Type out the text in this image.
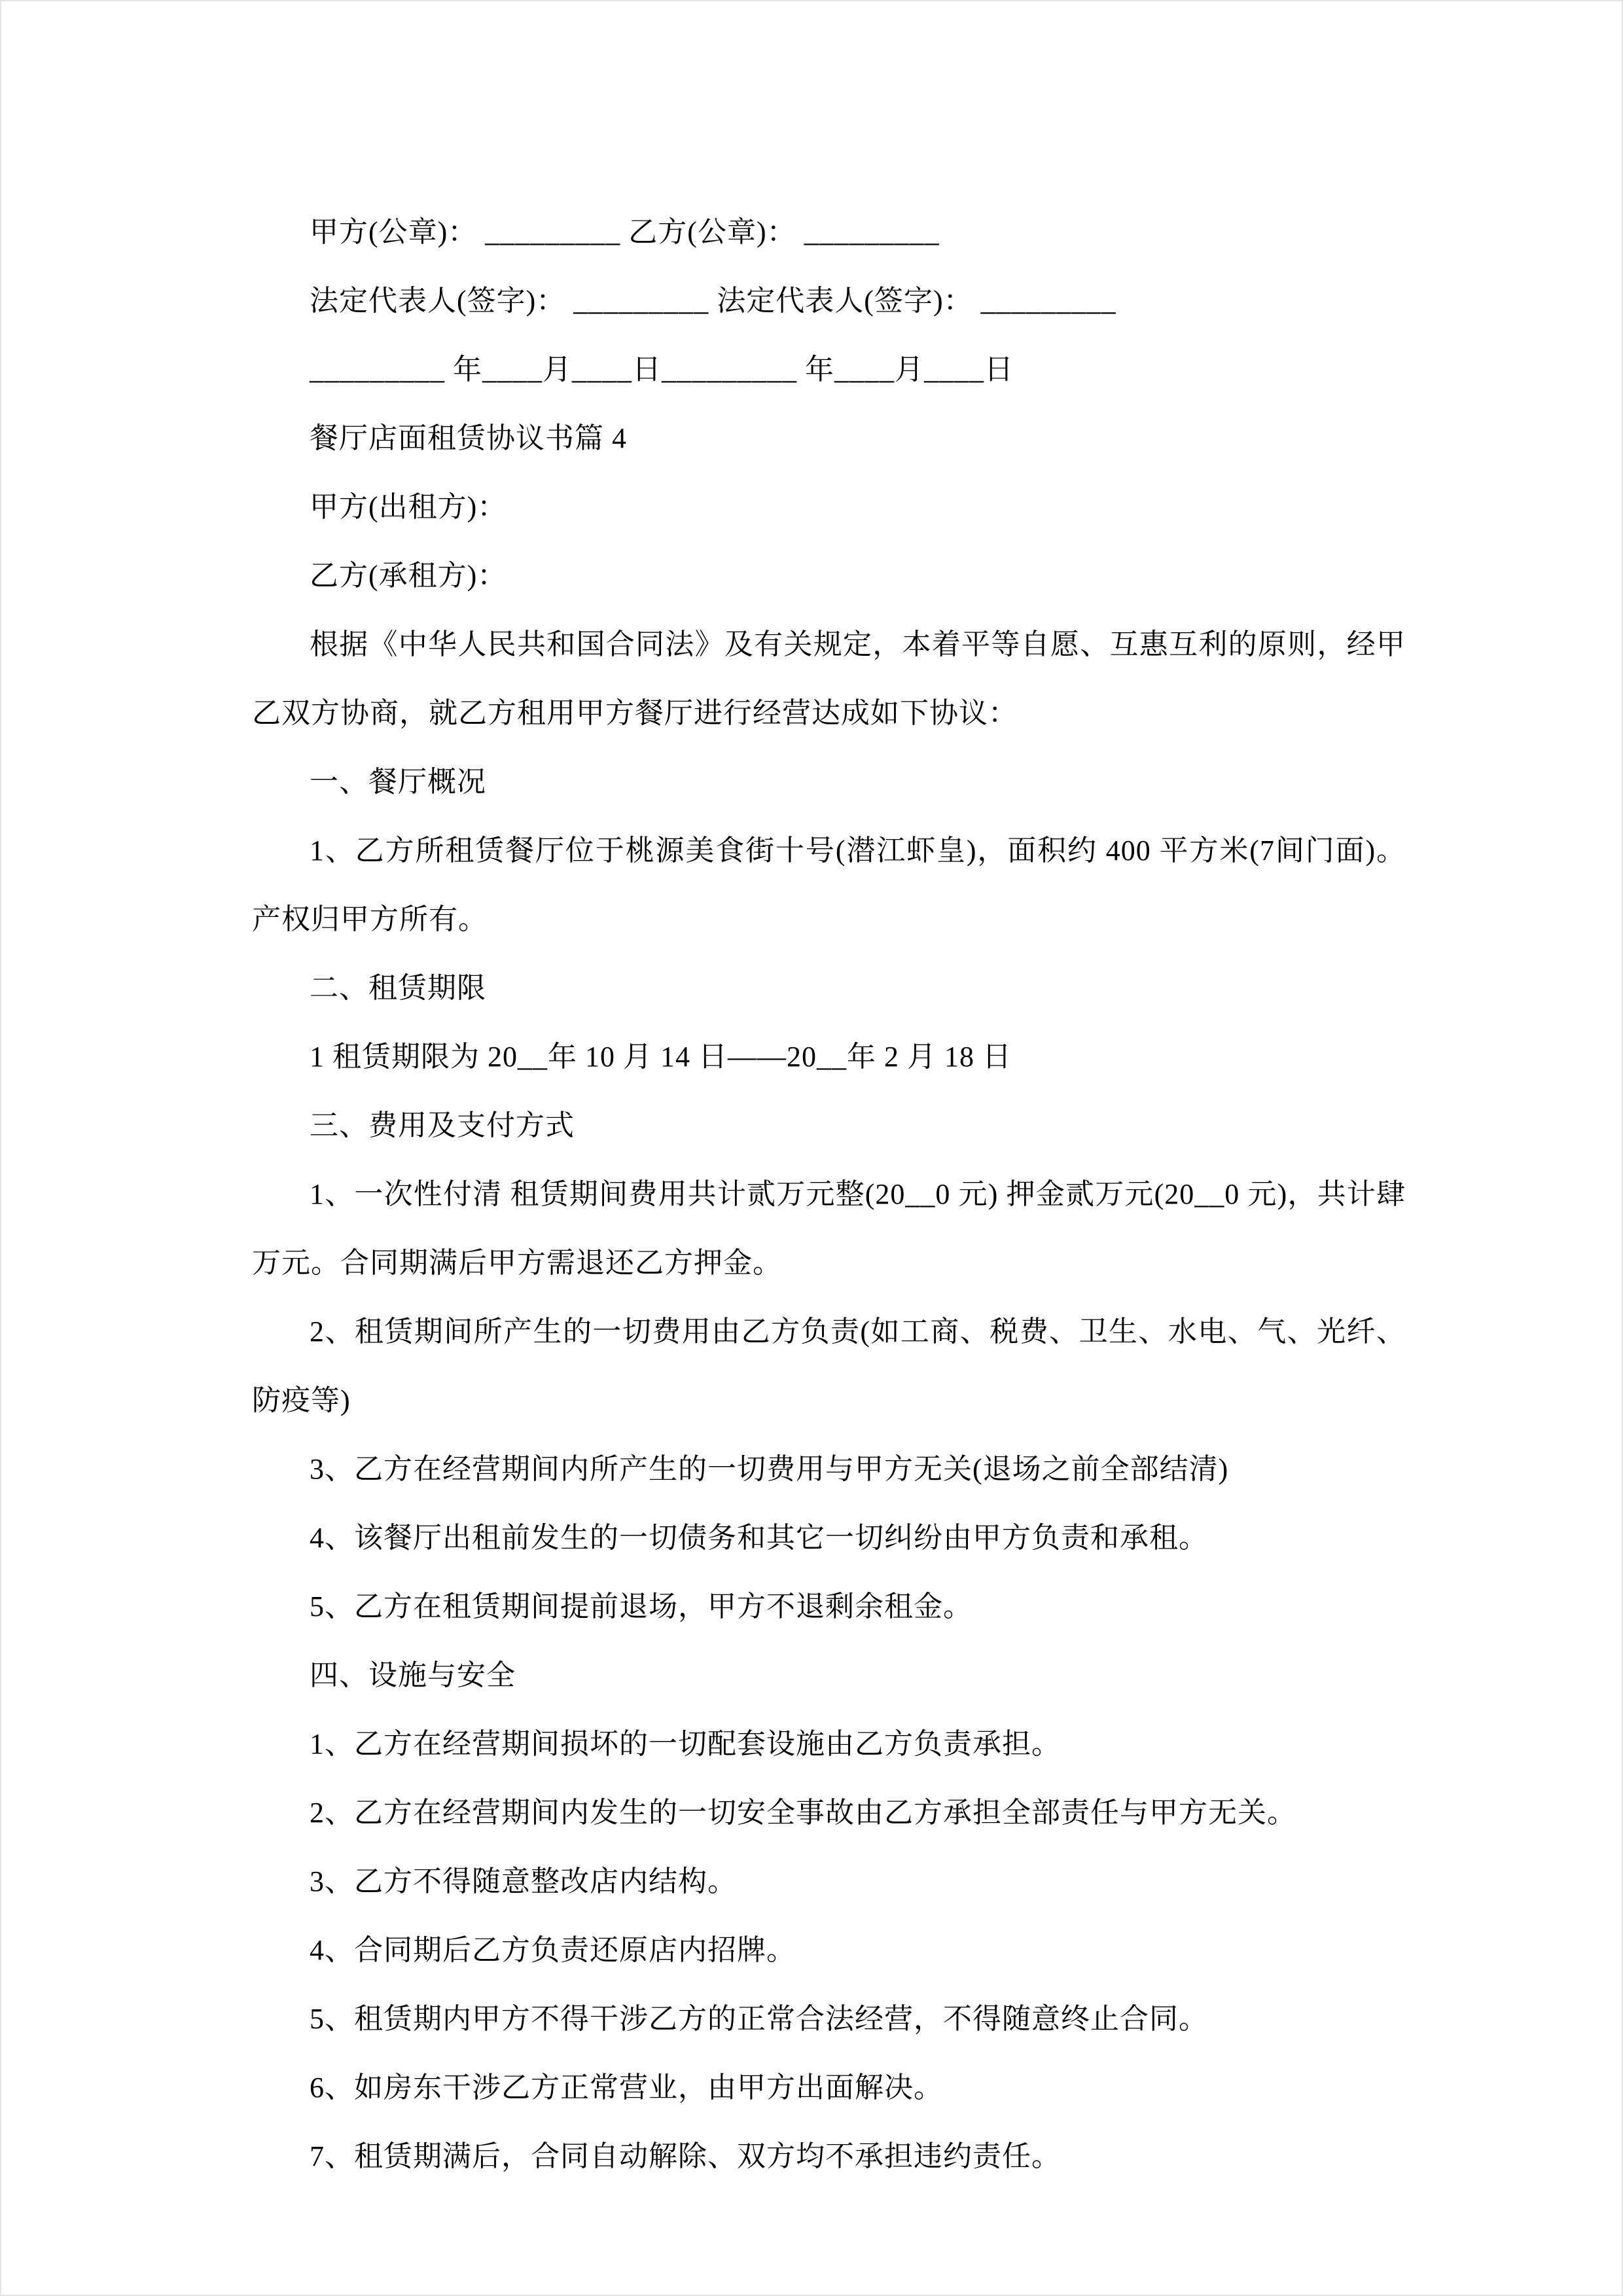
甲方(公章)： _________ 乙方(公章)： _________

法定代表人(签字)： _________ 法定代表人(签字)： _________

_________ 年____月____日_________ 年____月____日

餐厅店面租赁协议书篇 4

甲方(出租方)：

乙方(承租方)：

根据《中华人民共和国合同法》及有关规定，本着平等自愿、互惠互利的原则，经甲乙双方协商，就乙方租用甲方餐厅进行经营达成如下协议：

一、餐厅概况

1、乙方所租赁餐厅位于桃源美食街十号(潜江虾皇)，面积约 400 平方米(7间门面)。产权归甲方所有。

二、租赁期限

1 租赁期限为 20__年 10 月 14 日——20__年 2 月 18 日

三、费用及支付方式

1、一次性付清 租赁期间费用共计贰万元整(20__0 元) 押金贰万元(20__0 元)，共计肆万元。合同期满后甲方需退还乙方押金。

2、租赁期间所产生的一切费用由乙方负责(如工商、税费、卫生、水电、气、光纤、防疫等)

3、乙方在经营期间内所产生的一切费用与甲方无关(退场之前全部结清)

4、该餐厅出租前发生的一切债务和其它一切纠纷由甲方负责和承租。

5、乙方在租赁期间提前退场，甲方不退剩余租金。

四、设施与安全

1、乙方在经营期间损坏的一切配套设施由乙方负责承担。

2、乙方在经营期间内发生的一切安全事故由乙方承担全部责任与甲方无关。

3、乙方不得随意整改店内结构。

4、合同期后乙方负责还原店内招牌。

5、租赁期内甲方不得干涉乙方的正常合法经营，不得随意终止合同。

6、如房东干涉乙方正常营业，由甲方出面解决。

7、租赁期满后，合同自动解除、双方均不承担违约责任。
